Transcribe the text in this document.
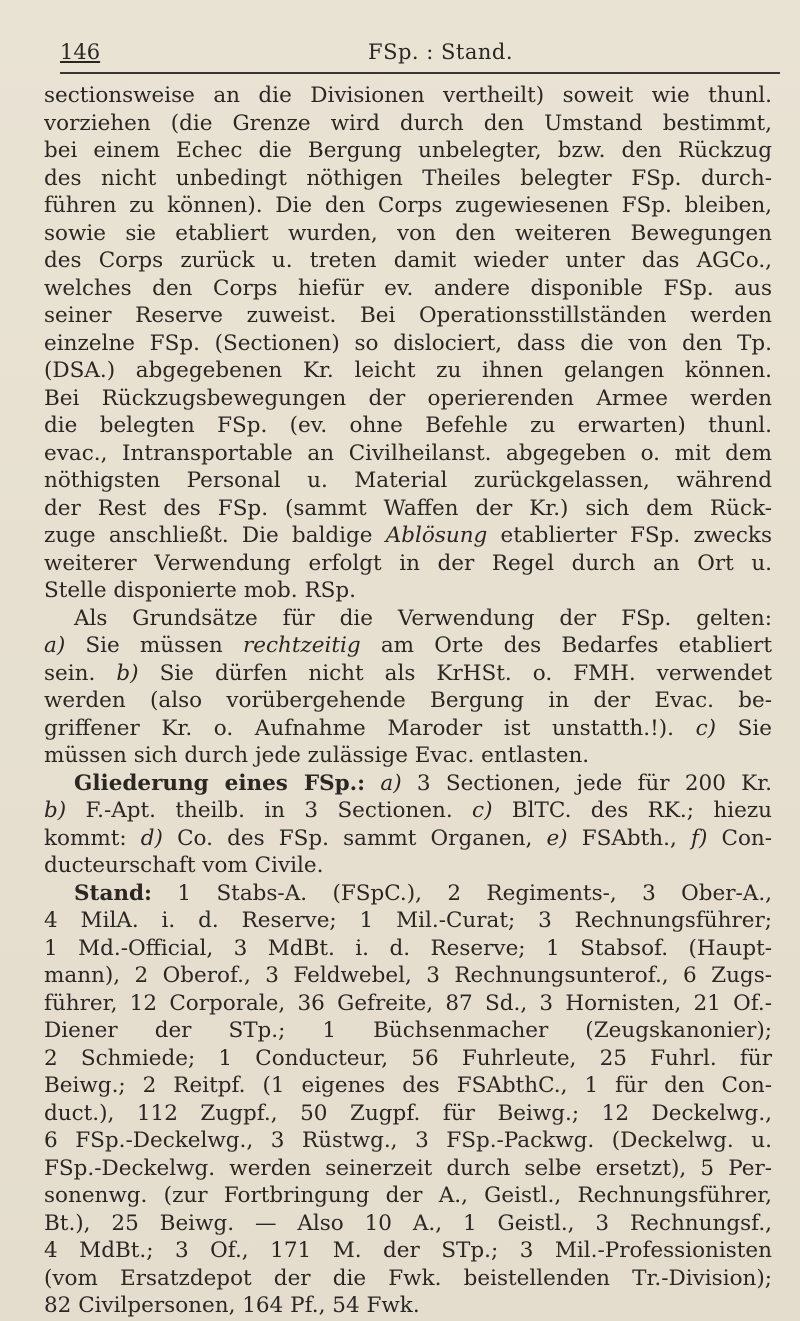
146	FSp. : Stand.
sectionsweise an die Divisionen vertheilt) soweit wie thunl.
vorziehen (die Grenze wird durch den Umstand bestimmt,
bei einem Echec die Bergung unbelegter, bzw. den Rückzug
des nicht unbedingt nöthigen Theiles belegter FSp. durch-
führen zu können). Die den Corps zugewiesenen FSp. bleiben,
sowie sie etabliert wurden, von den weiteren Bewegungen
des Corps zurück u. treten damit wieder unter das AGCo.,
welches den Corps hiefür ev. andere disponible FSp. aus
seiner Reserve zuweist. Bei Operationsstillständen werden
einzelne FSp. (Sectionen) so dislociert, dass die von den Tp.
(DSA.) abgegebenen Kr. leicht zu ihnen gelangen können.
Bei Rückzugsbewegungen der operierenden Armee werden
die belegten FSp. (ev. ohne Befehle zu erwarten) thunl.
evac., Intransportable an Civilheilanst. abgegeben o. mit dem
nöthigsten Personal u. Material zurückgelassen, während
der Rest des FSp. (sammt Waffen der Kr.) sich dem Rück-
zuge anschließt. Die baldige Ablösung etablierter FSp. zwecks
weiterer Verwendung erfolgt in der Regel durch an Ort u.
Stelle disponierte mob. RSp.
Als Grundsätze für die Verwendung der FSp. gelten:
a) Sie müssen rechtzeitig am Orte des Bedarfes etabliert
sein. b) Sie dürfen nicht als KrHSt. o. FMH. verwendet
werden (also vorübergehende Bergung in der Evac. be-
griffener Kr. o. Aufnahme Maroder ist unstatth.!). c) Sie
müssen sich durch jede zulässige Evac. entlasten.
Gliederung eines FSp.: a) 3 Sectionen, jede für 200 Kr.
b) F.-Apt. theilb. in 3 Sectionen. c) BlTC. des RK.; hiezu
kommt: d) Co. des FSp. sammt Organen, e) FSAbth., f) Con-
ducteurschaft vom Civile.
Stand: 1 Stabs-A. (FSpC.), 2 Regiments-, 3 Ober-A.,
4 MilA. i. d. Reserve; 1 Mil.-Curat; 3 Rechnungsführer;
1 Md.-Official, 3 MdBt. i. d. Reserve; 1 Stabsof. (Haupt-
mann), 2 Oberof., 3 Feldwebel, 3 Rechnungsunterof., 6 Zugs-
führer, 12 Corporale, 36 Gefreite, 87 Sd., 3 Hornisten, 21 Of.-
Diener der STp.; 1 Büchsenmacher (Zeugskanonier);
2 Schmiede; 1 Conducteur, 56 Fuhrleute, 25 Fuhrl. für
Beiwg.; 2 Reitpf. (1 eigenes des FSAbthC., 1 für den Con-
duct.), 112 Zugpf., 50 Zugpf. für Beiwg.; 12 Deckelwg.,
6 FSp.-Deckelwg., 3 Rüstwg., 3 FSp.-Packwg. (Deckelwg. u.
FSp.-Deckelwg. werden seinerzeit durch selbe ersetzt), 5 Per-
sonenwg. (zur Fortbringung der A., Geistl., Rechnungsführer,
Bt.), 25 Beiwg. — Also 10 A., 1 Geistl., 3 Rechnungsf.,
4 MdBt.; 3 Of., 171 M. der STp.; 3 Mil.-Professionisten
(vom Ersatzdepot der die Fwk. beistellenden Tr.-Division);
82 Civilpersonen, 164 Pf., 54 Fwk.
